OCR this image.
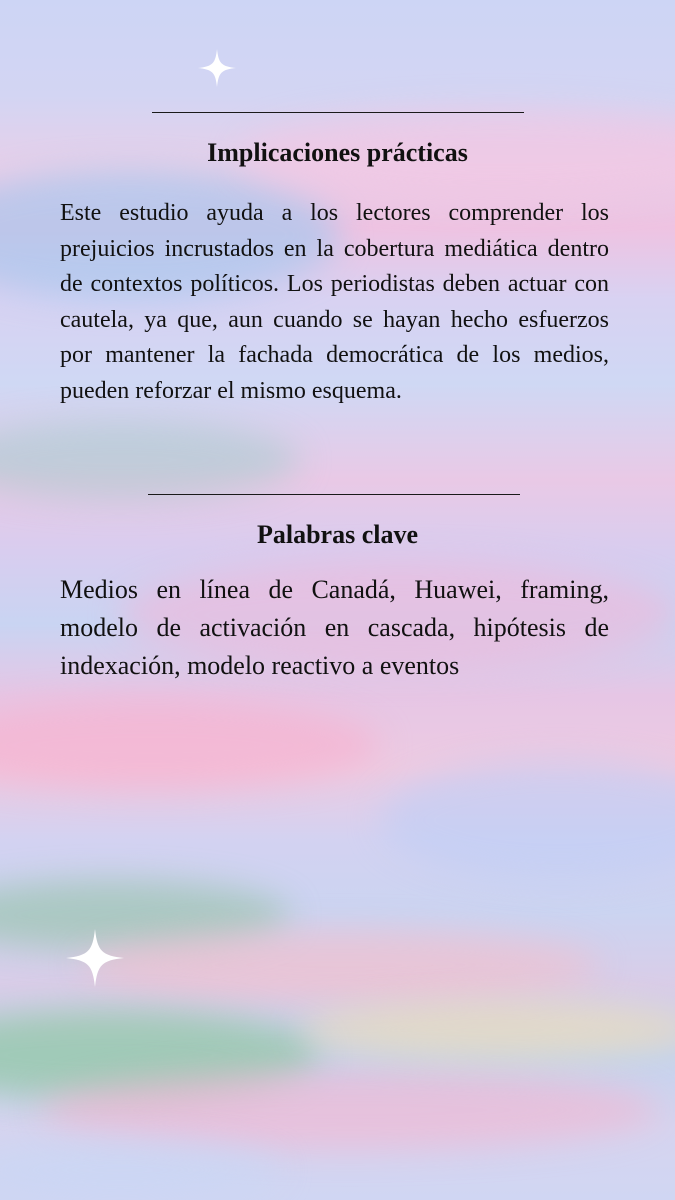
Implicaciones prácticas

Este estudio ayuda a los lectores comprender los prejuicios incrustados en la cobertura mediática dentro de contextos políticos. Los periodistas deben actuar con cautela, ya que, aun cuando se hayan hecho esfuerzos por mantener la fachada democrática de los medios, pueden reforzar el mismo esquema.

Palabras clave

Medios en línea de Canadá, Huawei, framing, modelo de activación en cascada, hipótesis de indexación, modelo reactivo a eventos
